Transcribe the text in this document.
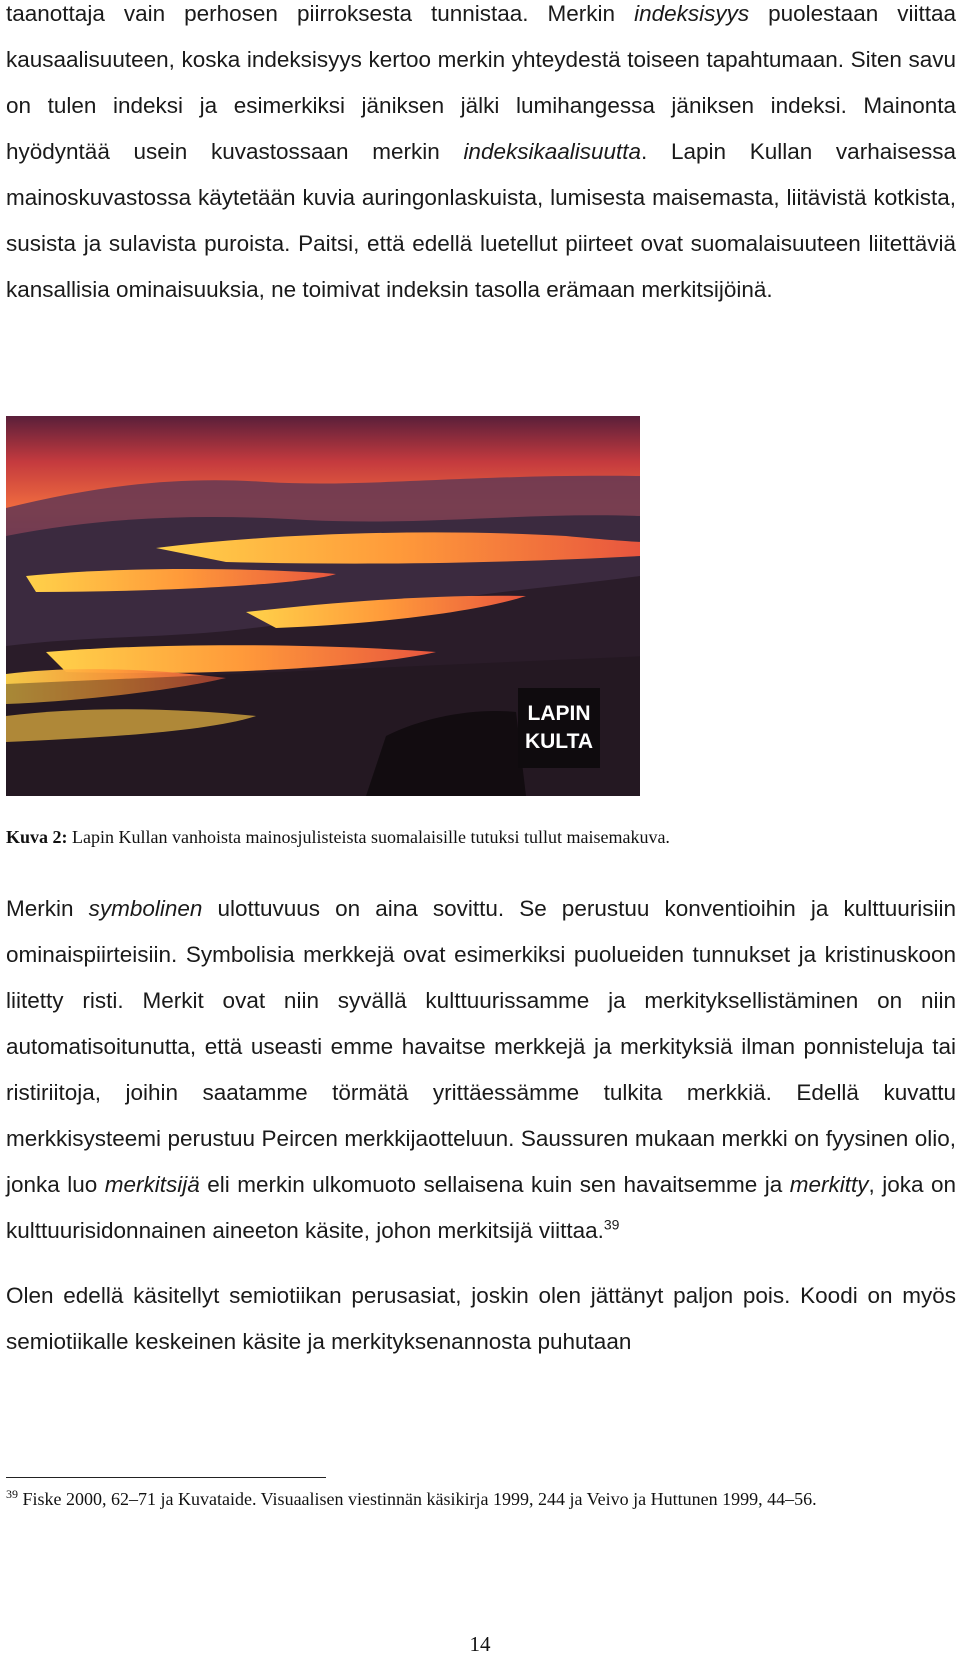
taanottaja vain perhosen piirroksesta tunnistaa. Merkin indeksisyys puolestaan viittaa kausaalisuuteen, koska indeksisyys kertoo merkin yhteydestä toiseen tapahtumaan. Siten savu on tulen indeksi ja esimerkiksi jäniksen jälki lumihangessa jäniksen indeksi. Mainonta hyödyntää usein kuvastossaan merkin indeksikaalisuutta. Lapin Kullan varhaisessa mainoskuvastossa käytetään kuvia auringonlaskuista, lumisesta maisemasta, liitävistä kotkista, susista ja sulavista puroista. Paitsi, että edellä luetellut piirteet ovat suomalaisuuteen liitettäviä kansallisia ominaisuuksia, ne toimivat indeksin tasolla erämaan merkitsijöinä.

LAPIN
KULTA

Kuva 2: Lapin Kullan vanhoista mainosjulisteista suomalaisille tutuksi tullut maisemakuva.

Merkin symbolinen ulottuvuus on aina sovittu. Se perustuu konventioihin ja kulttuurisiin ominaispiirteisiin. Symbolisia merkkejä ovat esimerkiksi puolueiden tunnukset ja kristinuskoon liitetty risti. Merkit ovat niin syvällä kulttuurissamme ja merkityksellistäminen on niin automatisoitunutta, että useasti emme havaitse merkkejä ja merkityksiä ilman ponnisteluja tai ristiriitoja, joihin saatamme törmätä yrittäessämme tulkita merkkiä. Edellä kuvattu merkkisysteemi perustuu Peircen merkkijaotteluun. Saussuren mukaan merkki on fyysinen olio, jonka luo merkitsijä eli merkin ulkomuoto sellaisena kuin sen havaitsemme ja merkitty, joka on kulttuurisidonnainen aineeton käsite, johon merkitsijä viittaa.$^{39}$

Olen edellä käsitellyt semiotiikan perusasiat, joskin olen jättänyt paljon pois. Koodi on myös semiotiikalle keskeinen käsite ja merkityksenannosta puhutaan

$^{39}$ Fiske 2000, 62–71 ja Kuvataide. Visuaalisen viestinnän käsikirja 1999, 244 ja Veivo ja Huttunen 1999, 44–56.

14
